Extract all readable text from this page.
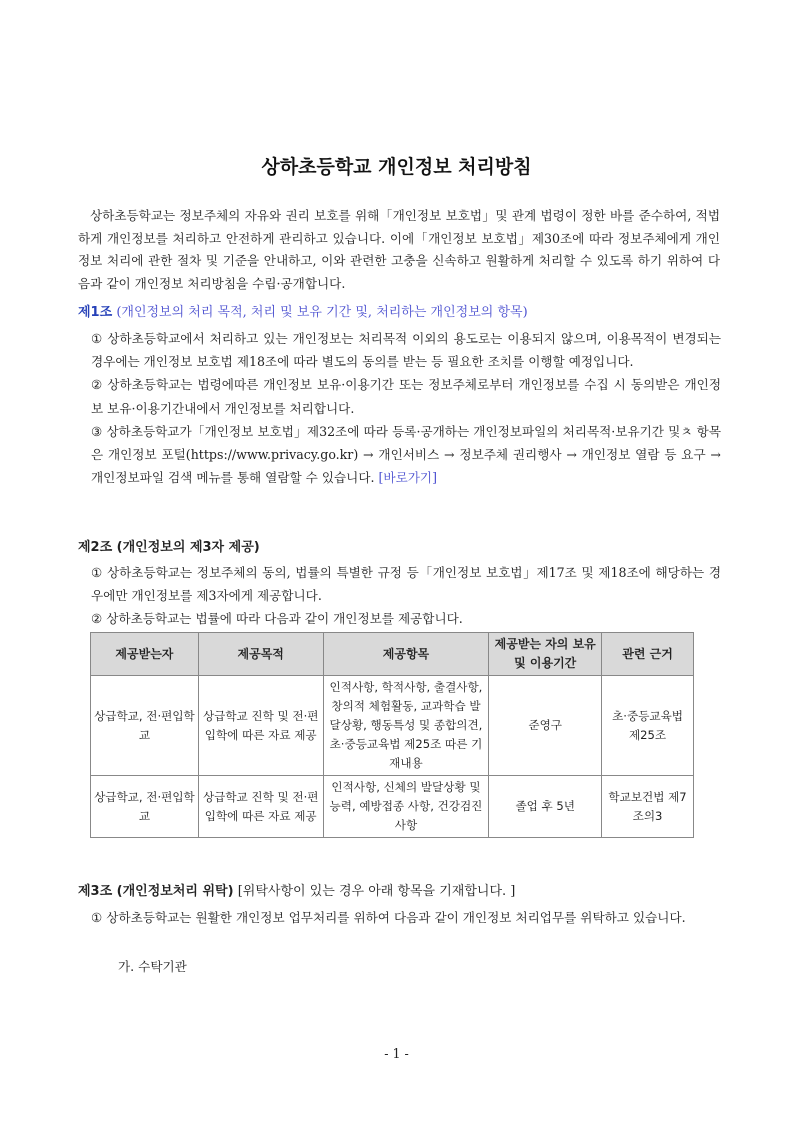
상하초등학교 개인정보 처리방침
상하초등학교는 정보주체의 자유와 권리 보호를 위해「개인정보 보호법」및 관계 법령이 정한 바를 준수하여, 적법하게 개인정보를 처리하고 안전하게 관리하고 있습니다. 이에「개인정보 보호법」제30조에 따라 정보주체에게 개인정보 처리에 관한 절차 및 기준을 안내하고, 이와 관련한 고충을 신속하고 원활하게 처리할 수 있도록 하기 위하여 다음과 같이 개인정보 처리방침을 수립·공개합니다.
제1조 (개인정보의 처리 목적, 처리 및 보유 기간 및, 처리하는 개인정보의 항목)
① 상하초등학교에서 처리하고 있는 개인정보는 처리목적 이외의 용도로는 이용되지 않으며, 이용목적이 변경되는 경우에는 개인정보 보호법 제18조에 따라 별도의 동의를 받는 등 필요한 조치를 이행할 예정입니다.
② 상하초등학교는 법령에따른 개인정보 보유·이용기간 또는 정보주체로부터 개인정보를 수집 시 동의받은 개인정보 보유·이용기간내에서 개인정보를 처리합니다.
③ 상하초등학교가「개인정보 보호법」제32조에 따라 등록·공개하는 개인정보파일의 처리목적·보유기간 및ㅊ 항목은 개인정보 포털(https://www.privacy.go.kr) → 개인서비스 → 정보주체 권리행사 → 개인정보 열람 등 요구 → 개인정보파일 검색 메뉴를 통해 열람할 수 있습니다. [바로가기]
제2조 (개인정보의 제3자 제공)
① 상하초등학교는 정보주체의 동의, 법률의 특별한 규정 등「개인정보 보호법」제17조 및 제18조에 해당하는 경우에만 개인정보를 제3자에게 제공합니다.
② 상하초등학교는 법률에 따라 다음과 같이 개인정보를 제공합니다.
제공받는자	제공목적	제공항목	제공받는 자의 보유 및 이용기간	관련 근거
상급학교, 전·편입학교	상급학교 진학 및 전·편입학에 따른 자료 제공	인적사항, 학적사항, 출결사항, 창의적 체험활동, 교과학습 발달상황, 행동특성 및 종합의견, 초·중등교육법 제25조 따른 기재내용	준영구	초·중등교육법 제25조
상급학교, 전·편입학교	상급학교 진학 및 전·편입학에 따른 자료 제공	인적사항, 신체의 발달상황 및 능력, 예방접종 사항, 건강검진 사항	졸업 후 5년	학교보건법 제7조의3
제3조 (개인정보처리 위탁) [위탁사항이 있는 경우 아래 항목을 기재합니다. ]
① 상하초등학교는 원활한 개인정보 업무처리를 위하여 다음과 같이 개인정보 처리업무를 위탁하고 있습니다.
가. 수탁기관
- 1 -
